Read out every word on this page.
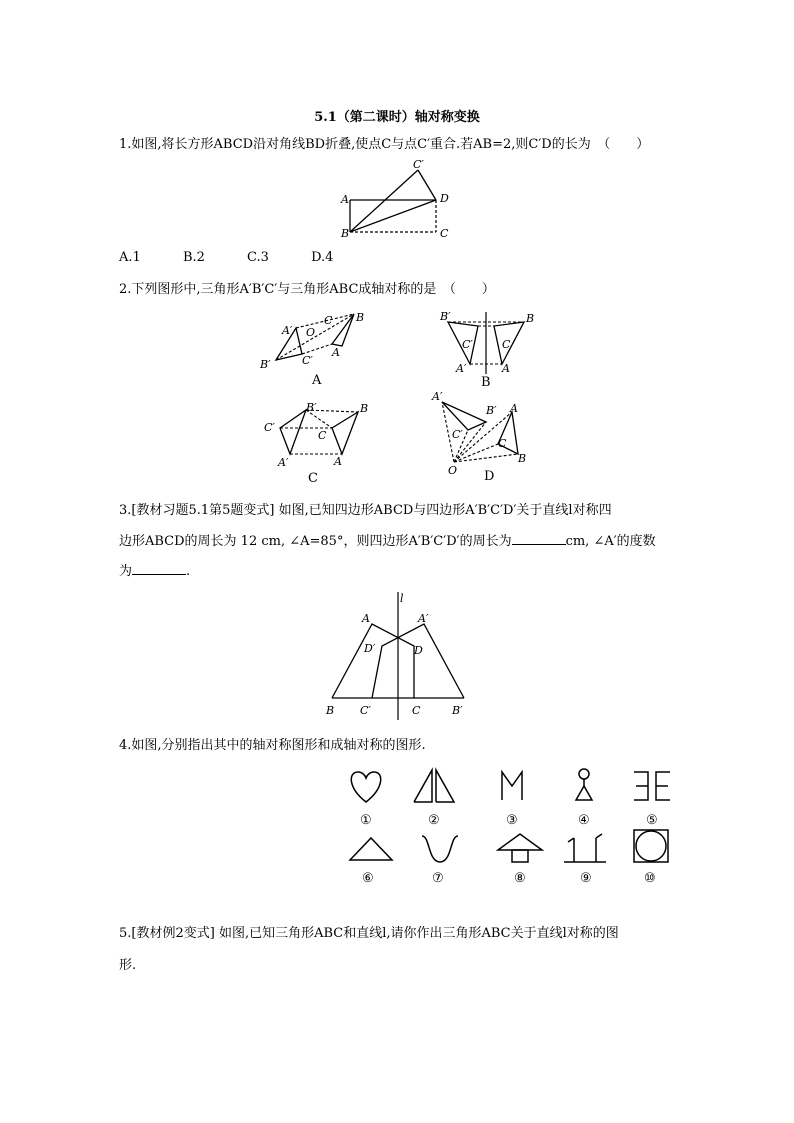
5.1（第二课时）轴对称变换
1.如图,将长方形ABCD沿对角线BD折叠,使点C与点C′重合.若AB=2,则C′D的长为　（　　）
C′
A	D
B	C
A.1	B.2	C.3	D.4
2.下列图形中,三角形A′B′C′与三角形ABC成轴对称的是　（　　）
A′ O
C B
B′	C′
A
A
B′	B
C′	C
A′	A
B
B′	B
C′
C
A′	A
C
A′
B′ A
C′
C
O
B
D
3.[教材习题5.1第5题变式] 如图,已知四边形ABCD与四边形A′B′C′D′关于直线l对称四
边形ABCD的周长为 12 cm, ∠A=85°，则四边形A′B′C′D′的周长为	cm, ∠A′的度数
为	.
l
A	A′
D′	D
B C′	C	B′
4.如图,分别指出其中的轴对称图形和成轴对称的图形.
①	②	③	④	⑤
⑥	⑦	⑧	⑨	⑩
5.[教材例2变式] 如图,已知三角形ABC和直线l,请你作出三角形ABC关于直线l对称的图
形.
